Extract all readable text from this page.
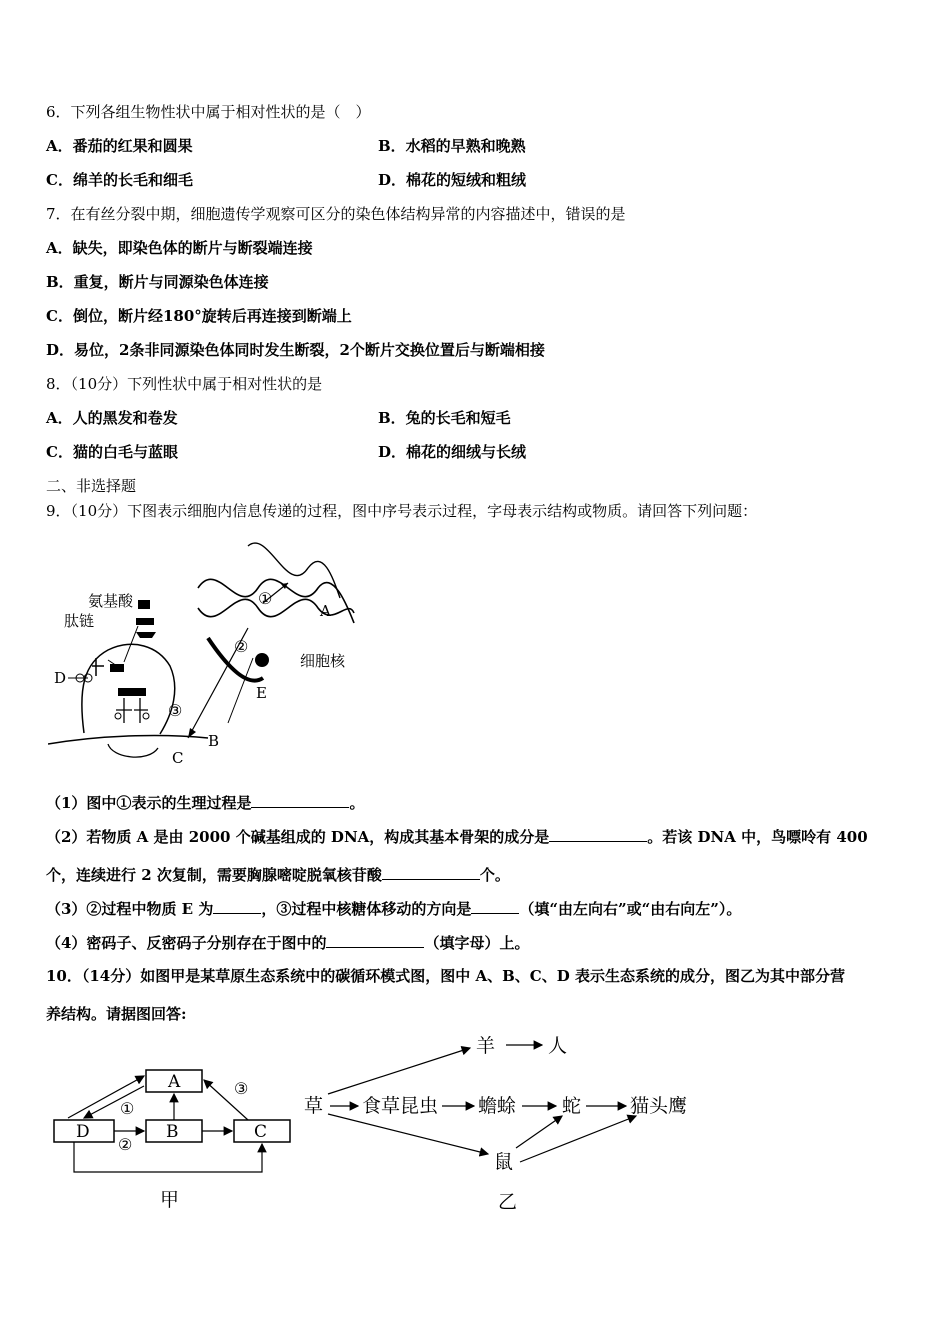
6．下列各组生物性状中属于相对性状的是（　）
A．番茄的红果和圆果	B．水稻的早熟和晚熟
C．绵羊的长毛和细毛	D．棉花的短绒和粗绒
7．在有丝分裂中期，细胞遗传学观察可区分的染色体结构异常的内容描述中，错误的是
A．缺失，即染色体的断片与断裂端连接
B．重复，断片与同源染色体连接
C．倒位，断片经180°旋转后再连接到断端上
D．易位，2条非同源染色体同时发生断裂，2个断片交换位置后与断端相接
8．（10分）下列性状中属于相对性状的是
A．人的黑发和卷发	B．兔的长毛和短毛
C．猫的白毛与蓝眼	D．棉花的细绒与长绒
二、非选择题
9．（10分）下图表示细胞内信息传递的过程，图中序号表示过程，字母表示结构或物质。请回答下列问题：
氨基酸
肽链
D
E
A
B
C
细胞核
①
②
③
（1）图中①表示的生理过程是	。
（2）若物质 A 是由 2000 个碱基组成的 DNA，构成其基本骨架的成分是	。若该 DNA 中，鸟嘌呤有 400
个，连续进行 2 次复制，需要胸腺嘧啶脱氧核苷酸	个。
（3）②过程中物质 E 为	，③过程中核糖体移动的方向是	（填“由左向右”或“由右向左”）。
（4）密码子、反密码子分别存在于图中的	（填字母）上。
10．（14分）如图甲是某草原生态系统中的碳循环模式图，图中 A、B、C、D 表示生态系统的成分，图乙为其中部分营
养结构。请据图回答:
A
D	B	C
①
②
③
甲
草
羊	人
食草昆虫 蟾蜍 蛇	猫头鹰
鼠
乙
